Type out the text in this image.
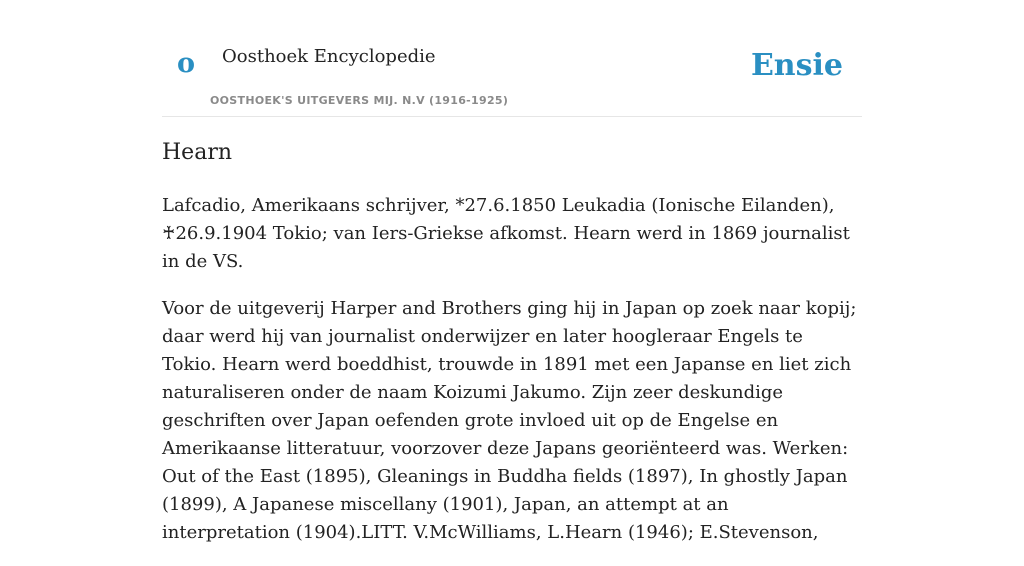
o Oosthoek Encyclopedie
OOSTHOEK'S UITGEVERS MIJ. N.V (1916-1925)
Ensie
Hearn

Lafcadio, Amerikaans schrijver, *27.6.1850 Leukadia (Ionische Eilanden), ♰26.9.1904 Tokio; van Iers-Griekse afkomst. Hearn werd in 1869 journalist in de VS.

Voor de uitgeverij Harper and Brothers ging hij in Japan op zoek naar kopij; daar werd hij van journalist onderwijzer en later hoogleraar Engels te Tokio. Hearn werd boeddhist, trouwde in 1891 met een Japanse en liet zich naturaliseren onder de naam Koizumi Jakumo. Zijn zeer deskundige geschriften over Japan oefenden grote invloed uit op de Engelse en Amerikaanse litteratuur, voorzover deze Japans georiënteerd was. Werken: Out of the East (1895), Gleanings in Buddha fields (1897), In ghostly Japan (1899), A Japanese miscellany (1901), Japan, an attempt at an interpretation (1904).LITT. V.McWilliams, L.Hearn (1946); E.Stevenson,
